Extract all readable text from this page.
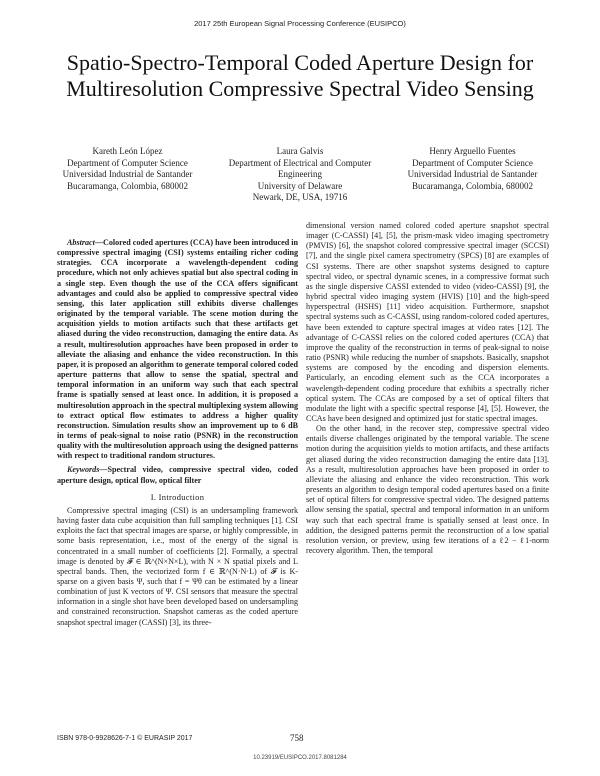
2017 25th European Signal Processing Conference (EUSIPCO)
Spatio-Spectro-Temporal Coded Aperture Design for Multiresolution Compressive Spectral Video Sensing
Kareth León López
Department of Computer Science
Universidad Industrial de Santander
Bucaramanga, Colombia, 680002
Laura Galvis
Department of Electrical and Computer Engineering
University of Delaware
Newark, DE, USA, 19716
Henry Arguello Fuentes
Department of Computer Science
Universidad Industrial de Santander
Bucaramanga, Colombia, 680002

Abstract—Colored coded apertures (CCA) have been introduced in compressive spectral imaging (CSI) systems entailing richer coding strategies. CCA incorporate a wavelength-dependent coding procedure, which not only achieves spatial but also spectral coding in a single step. Even though the use of the CCA offers significant advantages and could also be applied to compressive spectral video sensing, this later application still exhibits diverse challenges originated by the temporal variable. The scene motion during the acquisition yields to motion artifacts such that these artifacts get aliased during the video reconstruction, damaging the entire data. As a result, multiresolution approaches have been proposed in order to alleviate the aliasing and enhance the video reconstruction. In this paper, it is proposed an algorithm to generate temporal colored coded aperture patterns that allow to sense the spatial, spectral and temporal information in an uniform way such that each spectral frame is spatially sensed at least once. In addition, it is proposed a multiresolution approach in the spectral multiplexing system allowing to extract optical flow estimates to address a higher quality reconstruction. Simulation results show an improvement up to 6 dB in terms of peak-signal to noise ratio (PSNR) in the reconstruction quality with the multiresolution approach using the designed patterns with respect to traditional random structures.

Keywords—Spectral video, compressive spectral video, coded aperture design, optical flow, optical filter

I. Introduction

Compressive spectral imaging (CSI) is an undersampling framework having faster data cube acquisition than full sampling techniques [1]. CSI exploits the fact that spectral images are sparse, or highly compressible, in some basis representation, i.e., most of the energy of the signal is concentrated in a small number of coefficients [2]. Formally, a spectral image is denoted by 𝓕 ∈ ℝ^(N×N×L), with N × N spatial pixels and L spectral bands. Then, the vectorized form f ∈ ℝ^(N·N·L) of 𝓕 is K-sparse on a given basis Ψ, such that f = Ψθ can be estimated by a linear combination of just K vectors of Ψ. CSI sensors that measure the spectral information in a single shot have been developed based on undersampling and constrained reconstruction. Snapshot cameras as the coded aperture snapshot spectral imager (CASSI) [3], its three-

dimensional version named colored coded aperture snapshot spectral imager (C-CASSI) [4], [5], the prism-mask video imaging spectrometry (PMVIS) [6], the snapshot colored compressive spectral imager (SCCSI) [7], and the single pixel camera spectrometry (SPCS) [8] are examples of CSI systems. There are other snapshot systems designed to capture spectral video, or spectral dynamic scenes, in a compressive format such as the single dispersive CASSI extended to video (video-CASSI) [9], the hybrid spectral video imaging system (HVIS) [10] and the high-speed hyperspectral (HSHS) [11] video acquisition. Furthermore, snapshot spectral systems such as C-CASSI, using random-colored coded apertures, have been extended to capture spectral images at video rates [12]. The advantage of C-CASSI relies on the colored coded apertures (CCA) that improve the quality of the reconstruction in terms of peak-signal to noise ratio (PSNR) while reducing the number of snapshots. Basically, snapshot systems are composed by the encoding and dispersion elements. Particularly, an encoding element such as the CCA incorporates a wavelength-dependent coding procedure that exhibits a spectrally richer optical system. The CCAs are composed by a set of optical filters that modulate the light with a specific spectral response [4], [5]. However, the CCAs have been designed and optimized just for static spectral images.

On the other hand, in the recover step, compressive spectral video entails diverse challenges originated by the temporal variable. The scene motion during the acquisition yields to motion artifacts, and these artifacts get aliased during the video reconstruction damaging the entire data [13]. As a result, multiresolution approaches have been proposed in order to alleviate the aliasing and enhance the video reconstruction. This work presents an algorithm to design temporal coded apertures based on a finite set of optical filters for compressive spectral video. The designed patterns allow sensing the spatial, spectral and temporal information in an uniform way such that each spectral frame is spatially sensed at least once. In addition, the designed patterns permit the reconstruction of a low spatial resolution version, or preview, using few iterations of a ℓ2 − ℓ1-norm recovery algorithm. Then, the temporal

ISBN 978-0-9928626-7-1 © EURASIP 2017	758
10.23919/EUSIPCO.2017.8081284
